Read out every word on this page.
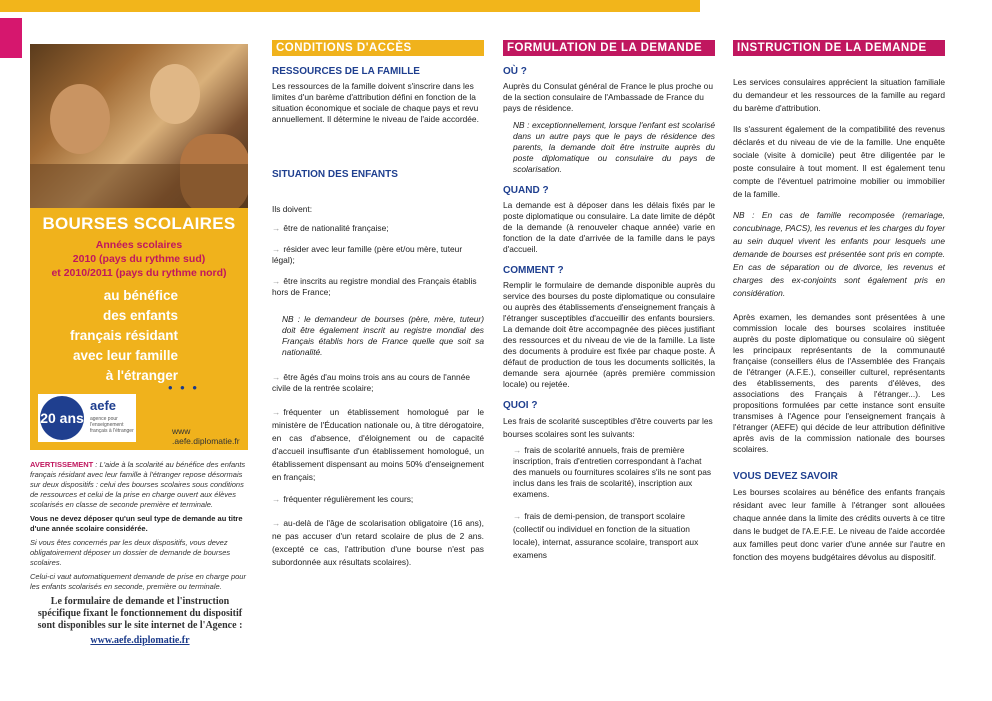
BOURSES SCOLAIRES
Années scolaires
2010 (pays du rythme sud)
et 2010/2011 (pays du rythme nord)
au bénéfice
des enfants
français résidant
avec leur famille
à l'étranger
• • •
20 ans
aefe
agence pour l'enseignement français à l'étranger	www .aefe.diplomatie.fr

AVERTISSEMENT : L'aide à la scolarité au bénéfice des enfants français résidant avec leur famille à l'étranger repose désormais sur deux dispositifs : celui des bourses scolaires sous conditions de ressources et celui de la prise en charge ouvert aux élèves scolarisés en classe de seconde première et terminale.

Vous ne devez déposer qu'un seul type de demande au titre d'une année scolaire considérée.

Si vous êtes concernés par les deux dispositifs, vous devez obligatoirement déposer un dossier de demande de bourses scolaires.

Celui-ci vaut automatiquement demande de prise en charge pour les enfants scolarisés en seconde, première ou terminale.

Le formulaire de demande et l'instruction spécifique fixant le fonctionnement du dispositif sont disponibles sur le site internet de l'Agence :

www.aefe.diplomatie.fr

CONDITIONS D'ACCÈS
RESSOURCES DE LA FAMILLE

Les ressources de la famille doivent s'inscrire dans les limites d'un barème d'attribution défini en fonction de la situation économique et sociale de chaque pays et revu annuellement. Il détermine le niveau de l'aide accordée.

SITUATION DES ENFANTS

Ils doivent:

→ être de nationalité française;

→ résider avec leur famille (père et/ou mère, tuteur légal);

→ être inscrits au registre mondial des Français établis hors de France;

NB : le demandeur de bourses (père, mère, tuteur) doit être également inscrit au registre mondial des Français établis hors de France quelle que soit sa nationalité.

→ être âgés d'au moins trois ans au cours de l'année civile de la rentrée scolaire;

→ fréquenter un établissement homologué par le ministère de l'Éducation nationale ou, à titre dérogatoire, en cas d'absence, d'éloignement ou de capacité d'accueil insuffisante d'un établissement homologué, un établissement dispensant au moins 50% d'enseignement en français;

→ fréquenter régulièrement les cours;

→ au-delà de l'âge de scolarisation obligatoire (16 ans), ne pas accuser d'un retard scolaire de plus de 2 ans. (excepté ce cas, l'attribution d'une bourse n'est pas subordonnée aux résultats scolaires).

FORMULATION DE LA DEMANDE
OÙ ?

Auprès du Consulat général de France le plus proche ou de la section consulaire de l'Ambassade de France du pays de résidence.

NB : exceptionnellement, lorsque l'enfant est scolarisé dans un autre pays que le pays de résidence des parents, la demande doit être instruite auprès du poste diplomatique ou consulaire du pays de scolarisation.

QUAND ?

La demande est à déposer dans les délais fixés par le poste diplomatique ou consulaire. La date limite de dépôt de la demande (à renouveler chaque année) varie en fonction de la date d'arrivée de la famille dans le pays d'accueil.

COMMENT ?

Remplir le formulaire de demande disponible auprès du service des bourses du poste diplomatique ou consulaire ou auprès des établissements d'enseignement français à l'étranger susceptibles d'accueillir des enfants boursiers. La demande doit être accompagnée des pièces justifiant des ressources et du niveau de vie de la famille. La liste des documents à produire est fixée par chaque poste. À défaut de production de tous les documents sollicités, la demande sera ajournée (après première commission locale) ou rejetée.

QUOI ?

Les frais de scolarité susceptibles d'être couverts par les bourses scolaires sont les suivants:

→ frais de scolarité annuels, frais de première inscription, frais d'entretien correspondant à l'achat des manuels ou fournitures scolaires s'ils ne sont pas inclus dans les frais de scolarité), inscription aux examens.

→ frais de demi-pension, de transport scolaire (collectif ou individuel en fonction de la situation locale), internat, assurance scolaire, transport aux examens

INSTRUCTION DE LA DEMANDE

Les services consulaires apprécient la situation familiale du demandeur et les ressources de la famille au regard du barème d'attribution.

Ils s'assurent également de la compatibilité des revenus déclarés et du niveau de vie de la famille. Une enquête sociale (visite à domicile) peut être diligentée par le poste consulaire à tout moment. Il est également tenu compte de l'éventuel patrimoine mobilier ou immobilier de la famille.

NB : En cas de famille recomposée (remariage, concubinage, PACS), les revenus et les charges du foyer au sein duquel vivent les enfants pour lesquels une demande de bourses est présentée sont pris en compte. En cas de séparation ou de divorce, les revenus et charges des ex-conjoints sont également pris en considération.

Après examen, les demandes sont présentées à une commission locale des bourses scolaires instituée auprès du poste diplomatique ou consulaire où siègent les principaux représentants de la communauté française (conseillers élus de l'Assemblée des Français de l'étranger (A.F.E.), conseiller culturel, représentants des établissements, des parents d'élèves, des associations des Français à l'étranger...). Les propositions formulées par cette instance sont ensuite transmises à l'Agence pour l'enseignement français à l'étranger (AEFE) qui décide de leur attribution définitive après avis de la commission nationale des bourses scolaires.

VOUS DEVEZ SAVOIR

Les bourses scolaires au bénéfice des enfants français résidant avec leur famille à l'étranger sont allouées chaque année dans la limite des crédits ouverts à ce titre dans le budget de l'A.E.F.E. Le niveau de l'aide accordée aux familles peut donc varier d'une année sur l'autre en fonction des moyens budgétaires dévolus au dispositif.
